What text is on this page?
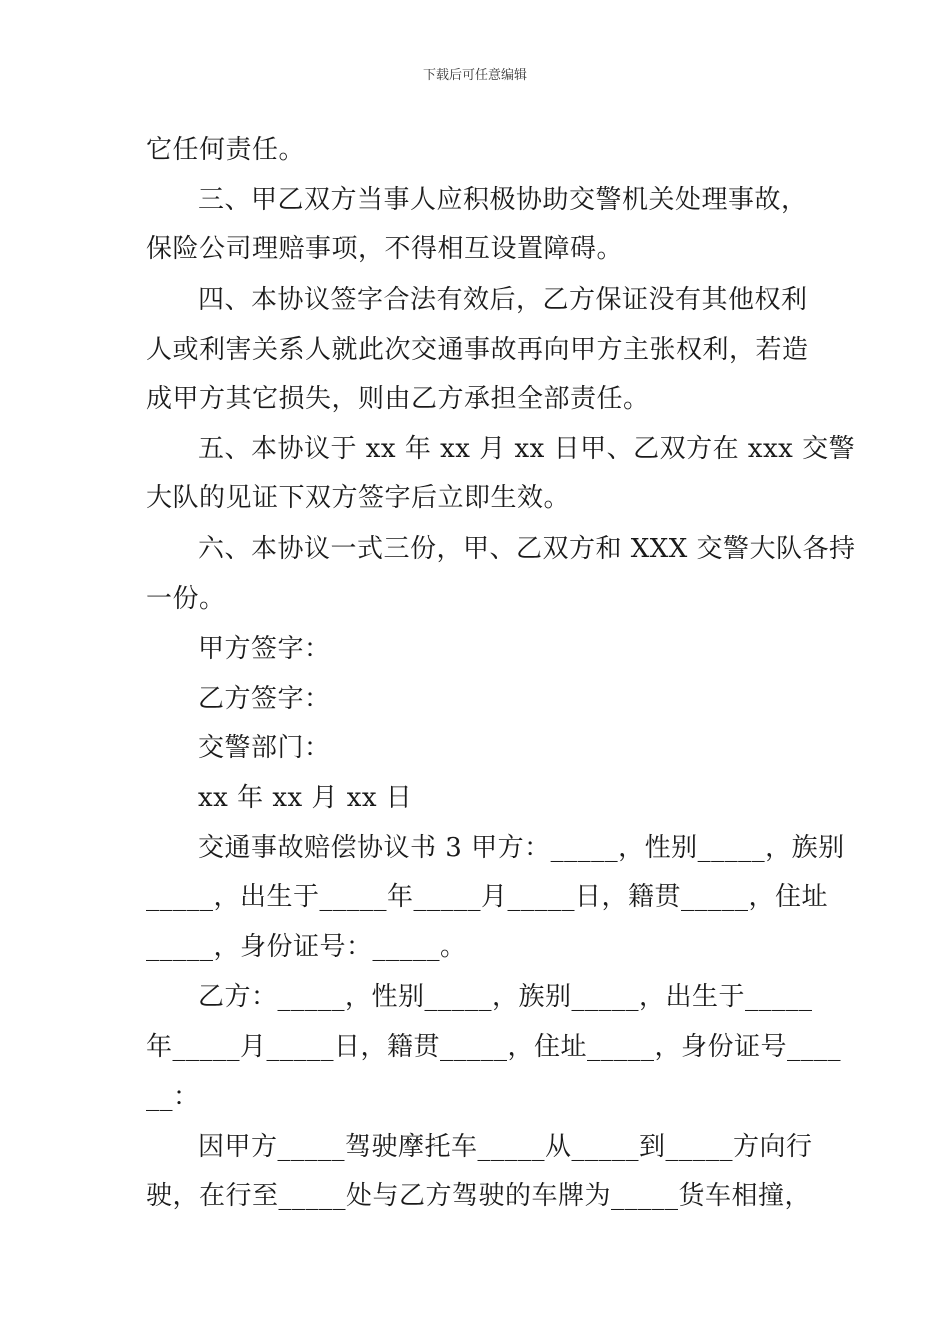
下载后可任意编辑
它任何责任。
三、甲乙双方当事人应积极协助交警机关处理事故，
保险公司理赔事项，不得相互设置障碍。
四、本协议签字合法有效后，乙方保证没有其他权利
人或利害关系人就此次交通事故再向甲方主张权利，若造
成甲方其它损失，则由乙方承担全部责任。
五、本协议于 xx 年 xx 月 xx 日甲、乙双方在 xxx 交警
大队的见证下双方签字后立即生效。
六、本协议一式三份，甲、乙双方和 XXX 交警大队各持
一份。
甲方签字：
乙方签字：
交警部门：
xx 年 xx 月 xx 日
交通事故赔偿协议书 3 甲方：_____，性别_____，族别
_____，出生于_____年_____月_____日，籍贯_____，住址
_____，身份证号：_____。
乙方：_____，性别_____，族别_____，出生于_____
年_____月_____日，籍贯_____，住址_____，身份证号____
__：
因甲方_____驾驶摩托车_____从_____到_____方向行
驶，在行至_____处与乙方驾驶的车牌为_____货车相撞，
